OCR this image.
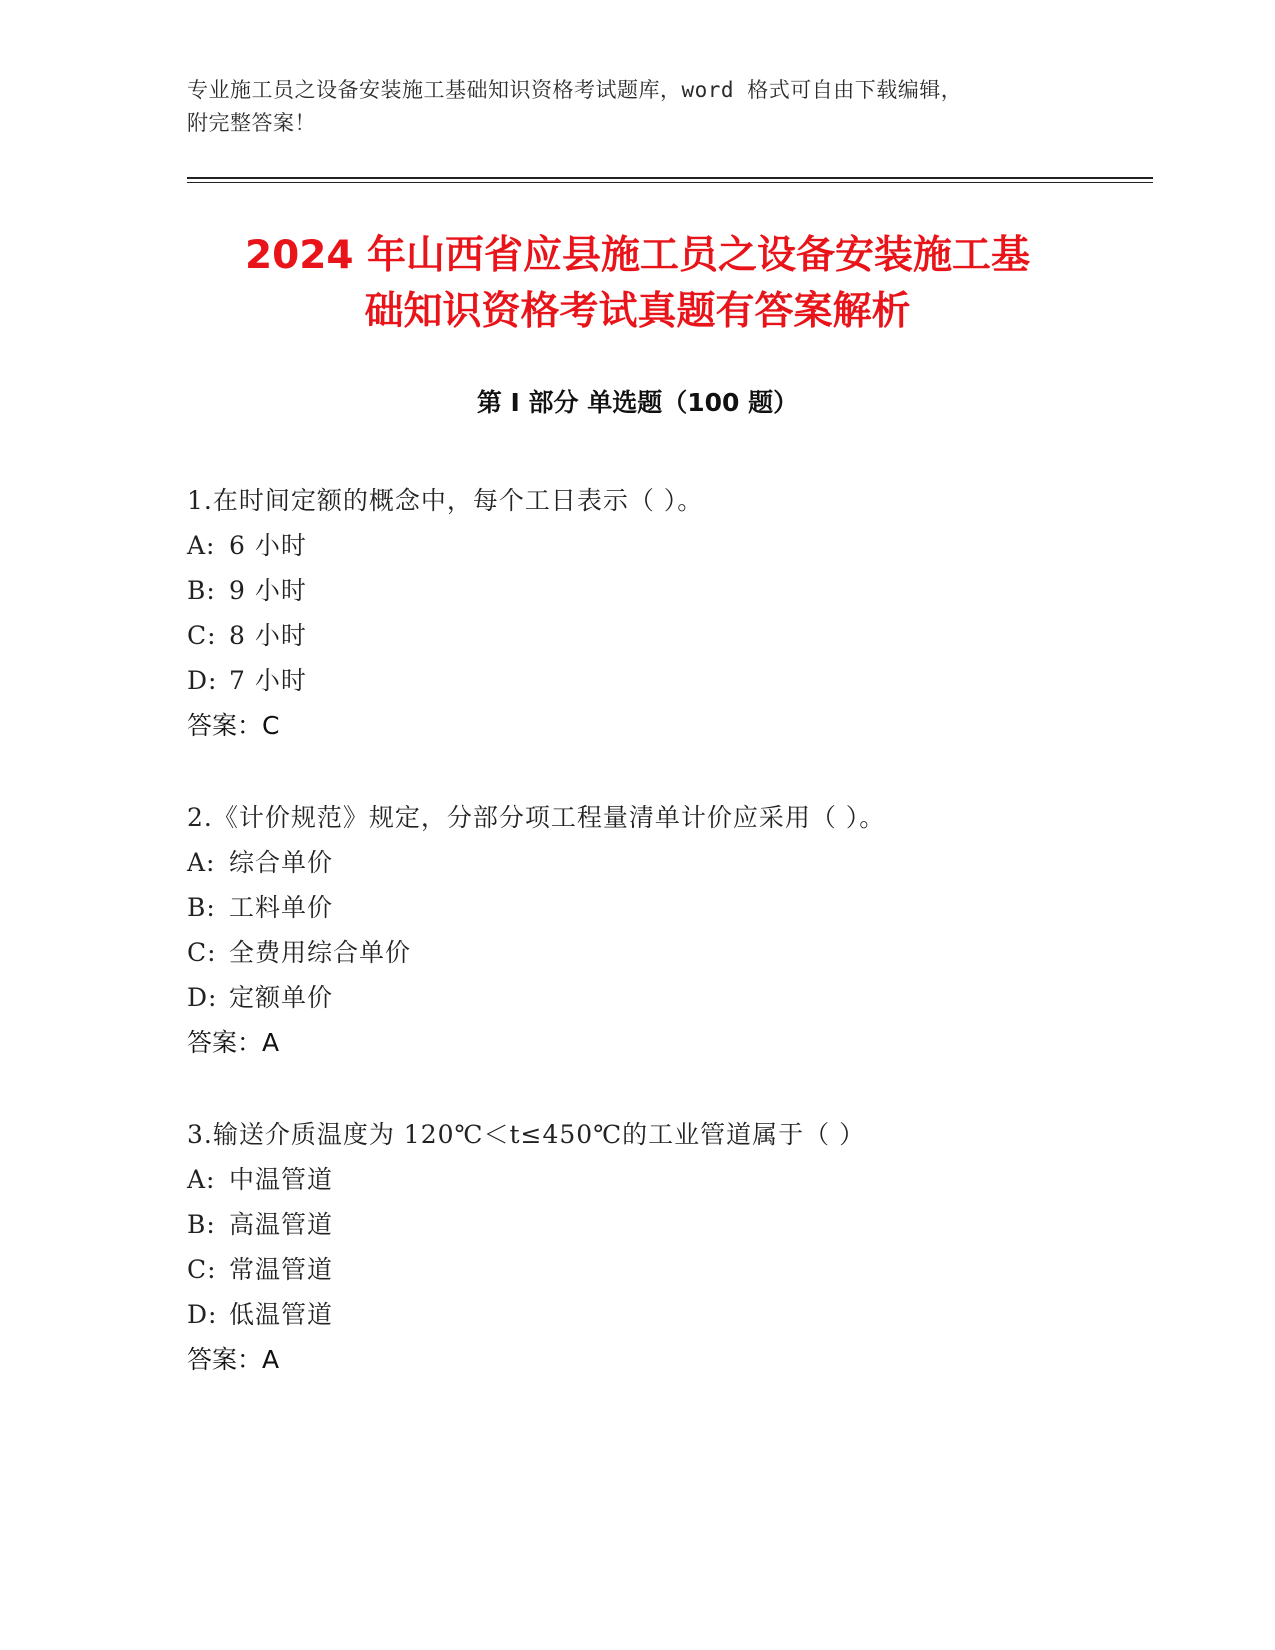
专业施工员之设备安装施工基础知识资格考试题库，word 格式可自由下载编辑，
附完整答案！
2024 年山西省应县施工员之设备安装施工基
础知识资格考试真题有答案解析
第 I 部分 单选题（100 题）
1.在时间定额的概念中，每个工日表示（ ）。
A: 6 小时
B: 9 小时
C: 8 小时
D: 7 小时
答案：C
2.《计价规范》规定，分部分项工程量清单计价应采用（ ）。
A: 综合单价
B: 工料单价
C: 全费用综合单价
D: 定额单价
答案：A
3.输送介质温度为 120℃＜t≤450℃的工业管道属于（ ）
A: 中温管道
B: 高温管道
C: 常温管道
D: 低温管道
答案：A
